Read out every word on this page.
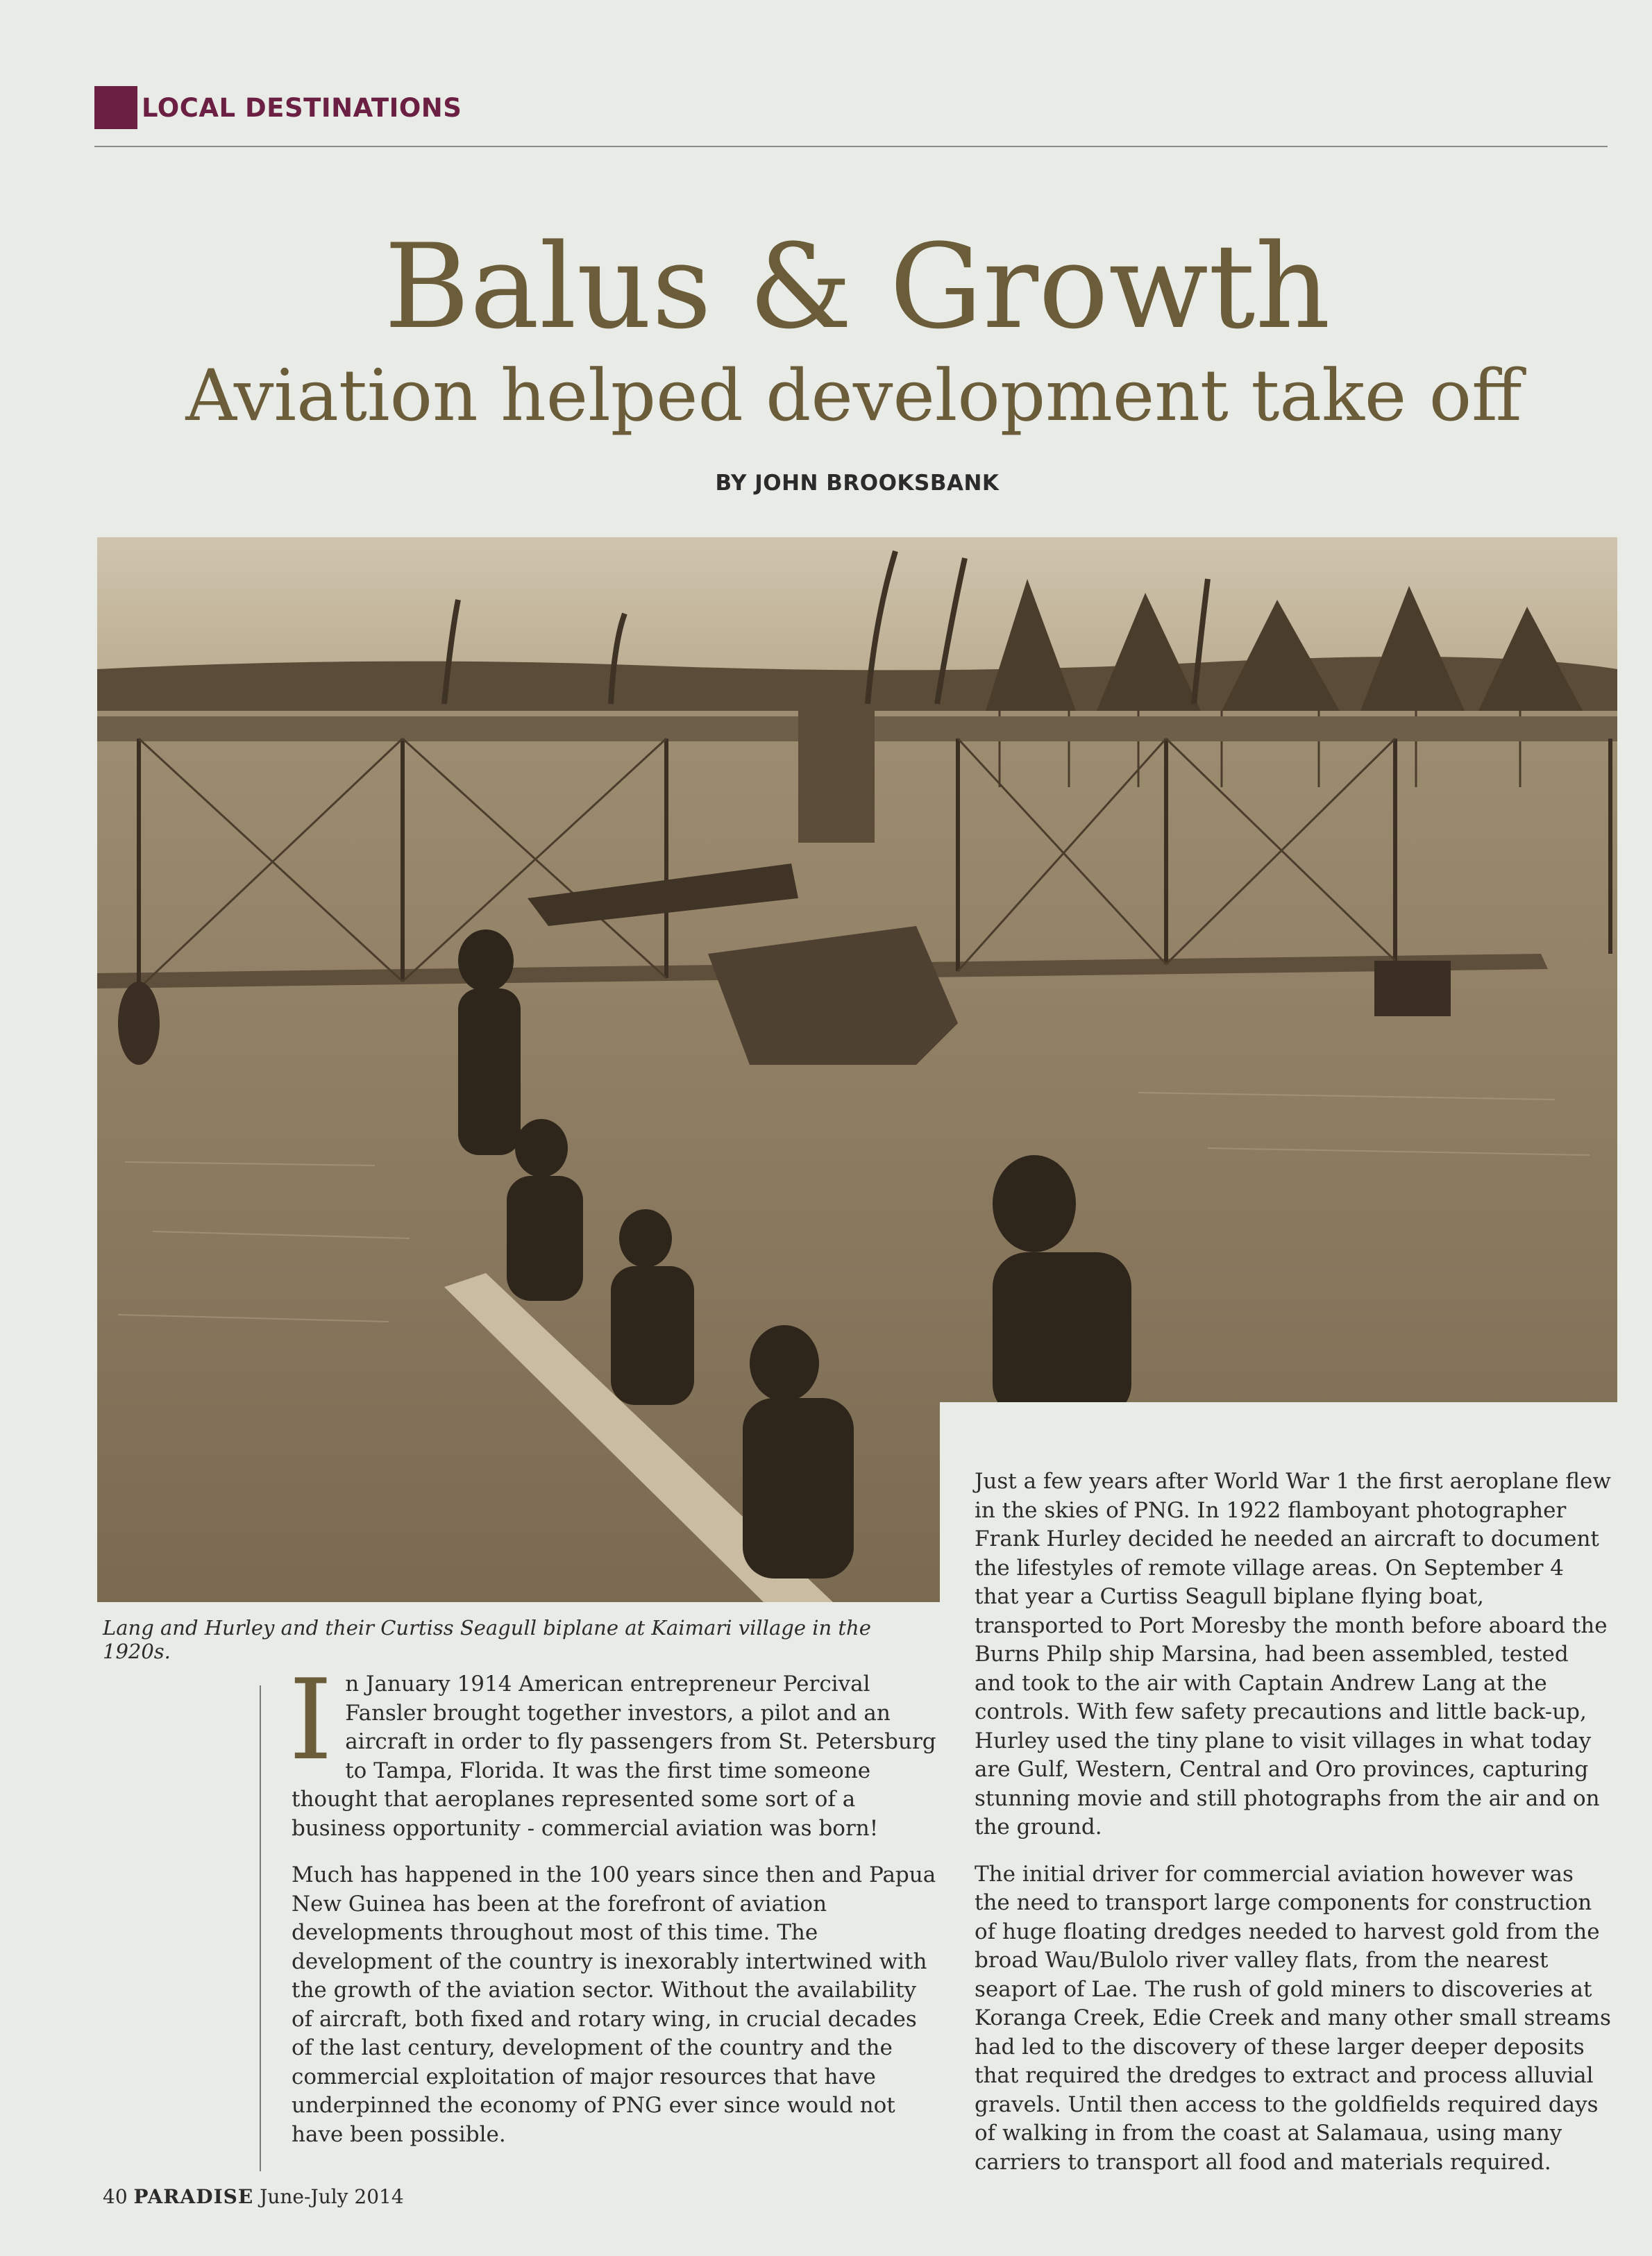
LOCAL DESTINATIONS
Balus & Growth
Aviation helped development take off
BY JOHN BROOKSBANK
Lang and Hurley and their Curtiss Seagull biplane at Kaimari village in the 1920s.

In January 1914 American entrepreneur Percival Fansler brought together investors, a pilot and an aircraft in order to fly passengers from St. Petersburg to Tampa, Florida. It was the first time someone thought that aeroplanes represented some sort of a business opportunity - commercial aviation was born!

Much has happened in the 100 years since then and Papua New Guinea has been at the forefront of aviation developments throughout most of this time. The development of the country is inexorably intertwined with the growth of the aviation sector. Without the availability of aircraft, both fixed and rotary wing, in crucial decades of the last century, development of the country and the commercial exploitation of major resources that have underpinned the economy of PNG ever since would not have been possible.

Just a few years after World War 1 the first aeroplane flew in the skies of PNG. In 1922 flamboyant photographer Frank Hurley decided he needed an aircraft to document the lifestyles of remote village areas. On September 4 that year a Curtiss Seagull biplane flying boat, transported to Port Moresby the month before aboard the Burns Philp ship Marsina, had been assembled, tested and took to the air with Captain Andrew Lang at the controls. With few safety precautions and little back-up, Hurley used the tiny plane to visit villages in what today are Gulf, Western, Central and Oro provinces, capturing stunning movie and still photographs from the air and on the ground.

The initial driver for commercial aviation however was the need to transport large components for construction of huge floating dredges needed to harvest gold from the broad Wau/Bulolo river valley flats, from the nearest seaport of Lae. The rush of gold miners to discoveries at Koranga Creek, Edie Creek and many other small streams had led to the discovery of these larger deeper deposits that required the dredges to extract and process alluvial gravels. Until then access to the goldfields required days of walking in from the coast at Salamaua, using many carriers to transport all food and materials required.

40 PARADISE June-July 2014
